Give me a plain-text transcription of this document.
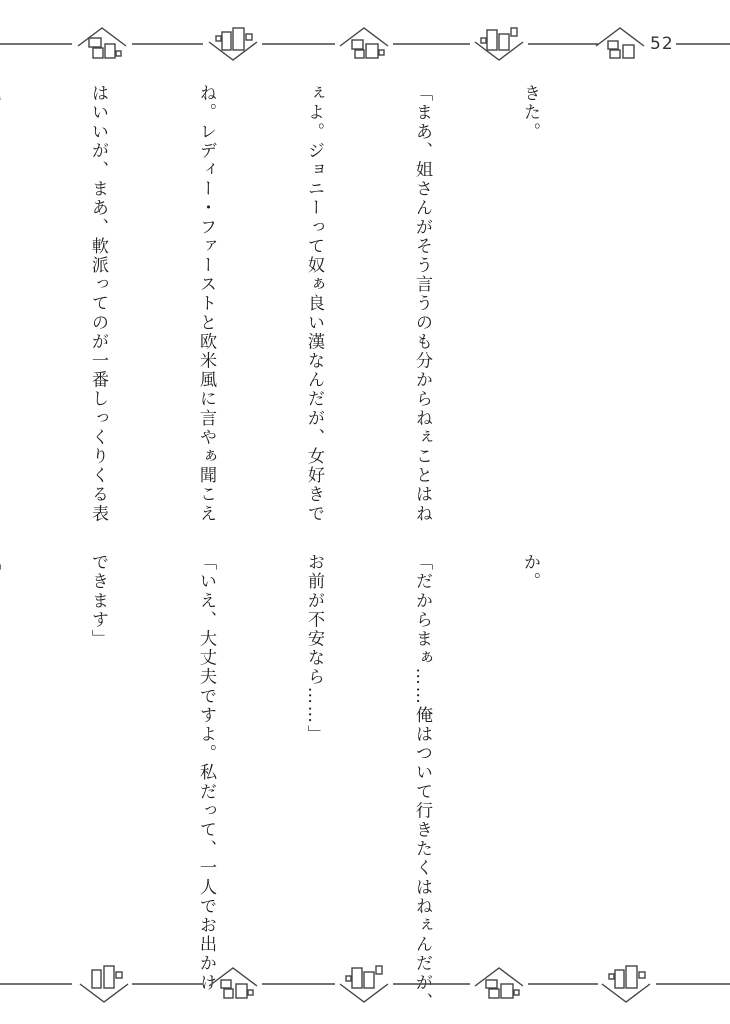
52

きた。

「まあ、姐さんがそう言うのも分からねぇことはね

ぇよ。ジョニーって奴ぁ良い漢なんだが、女好きで

ね。レディー・ファーストと欧米風に言やぁ聞こえ

はいいが、まあ、軟派ってのが一番しっくりくる表

か。

「だからまぁ……俺はついて行きたくはねぇんだが、

お前が不安なら……」

「いえ、大丈夫ですよ。私だって、一人でお出かけ

できます」
